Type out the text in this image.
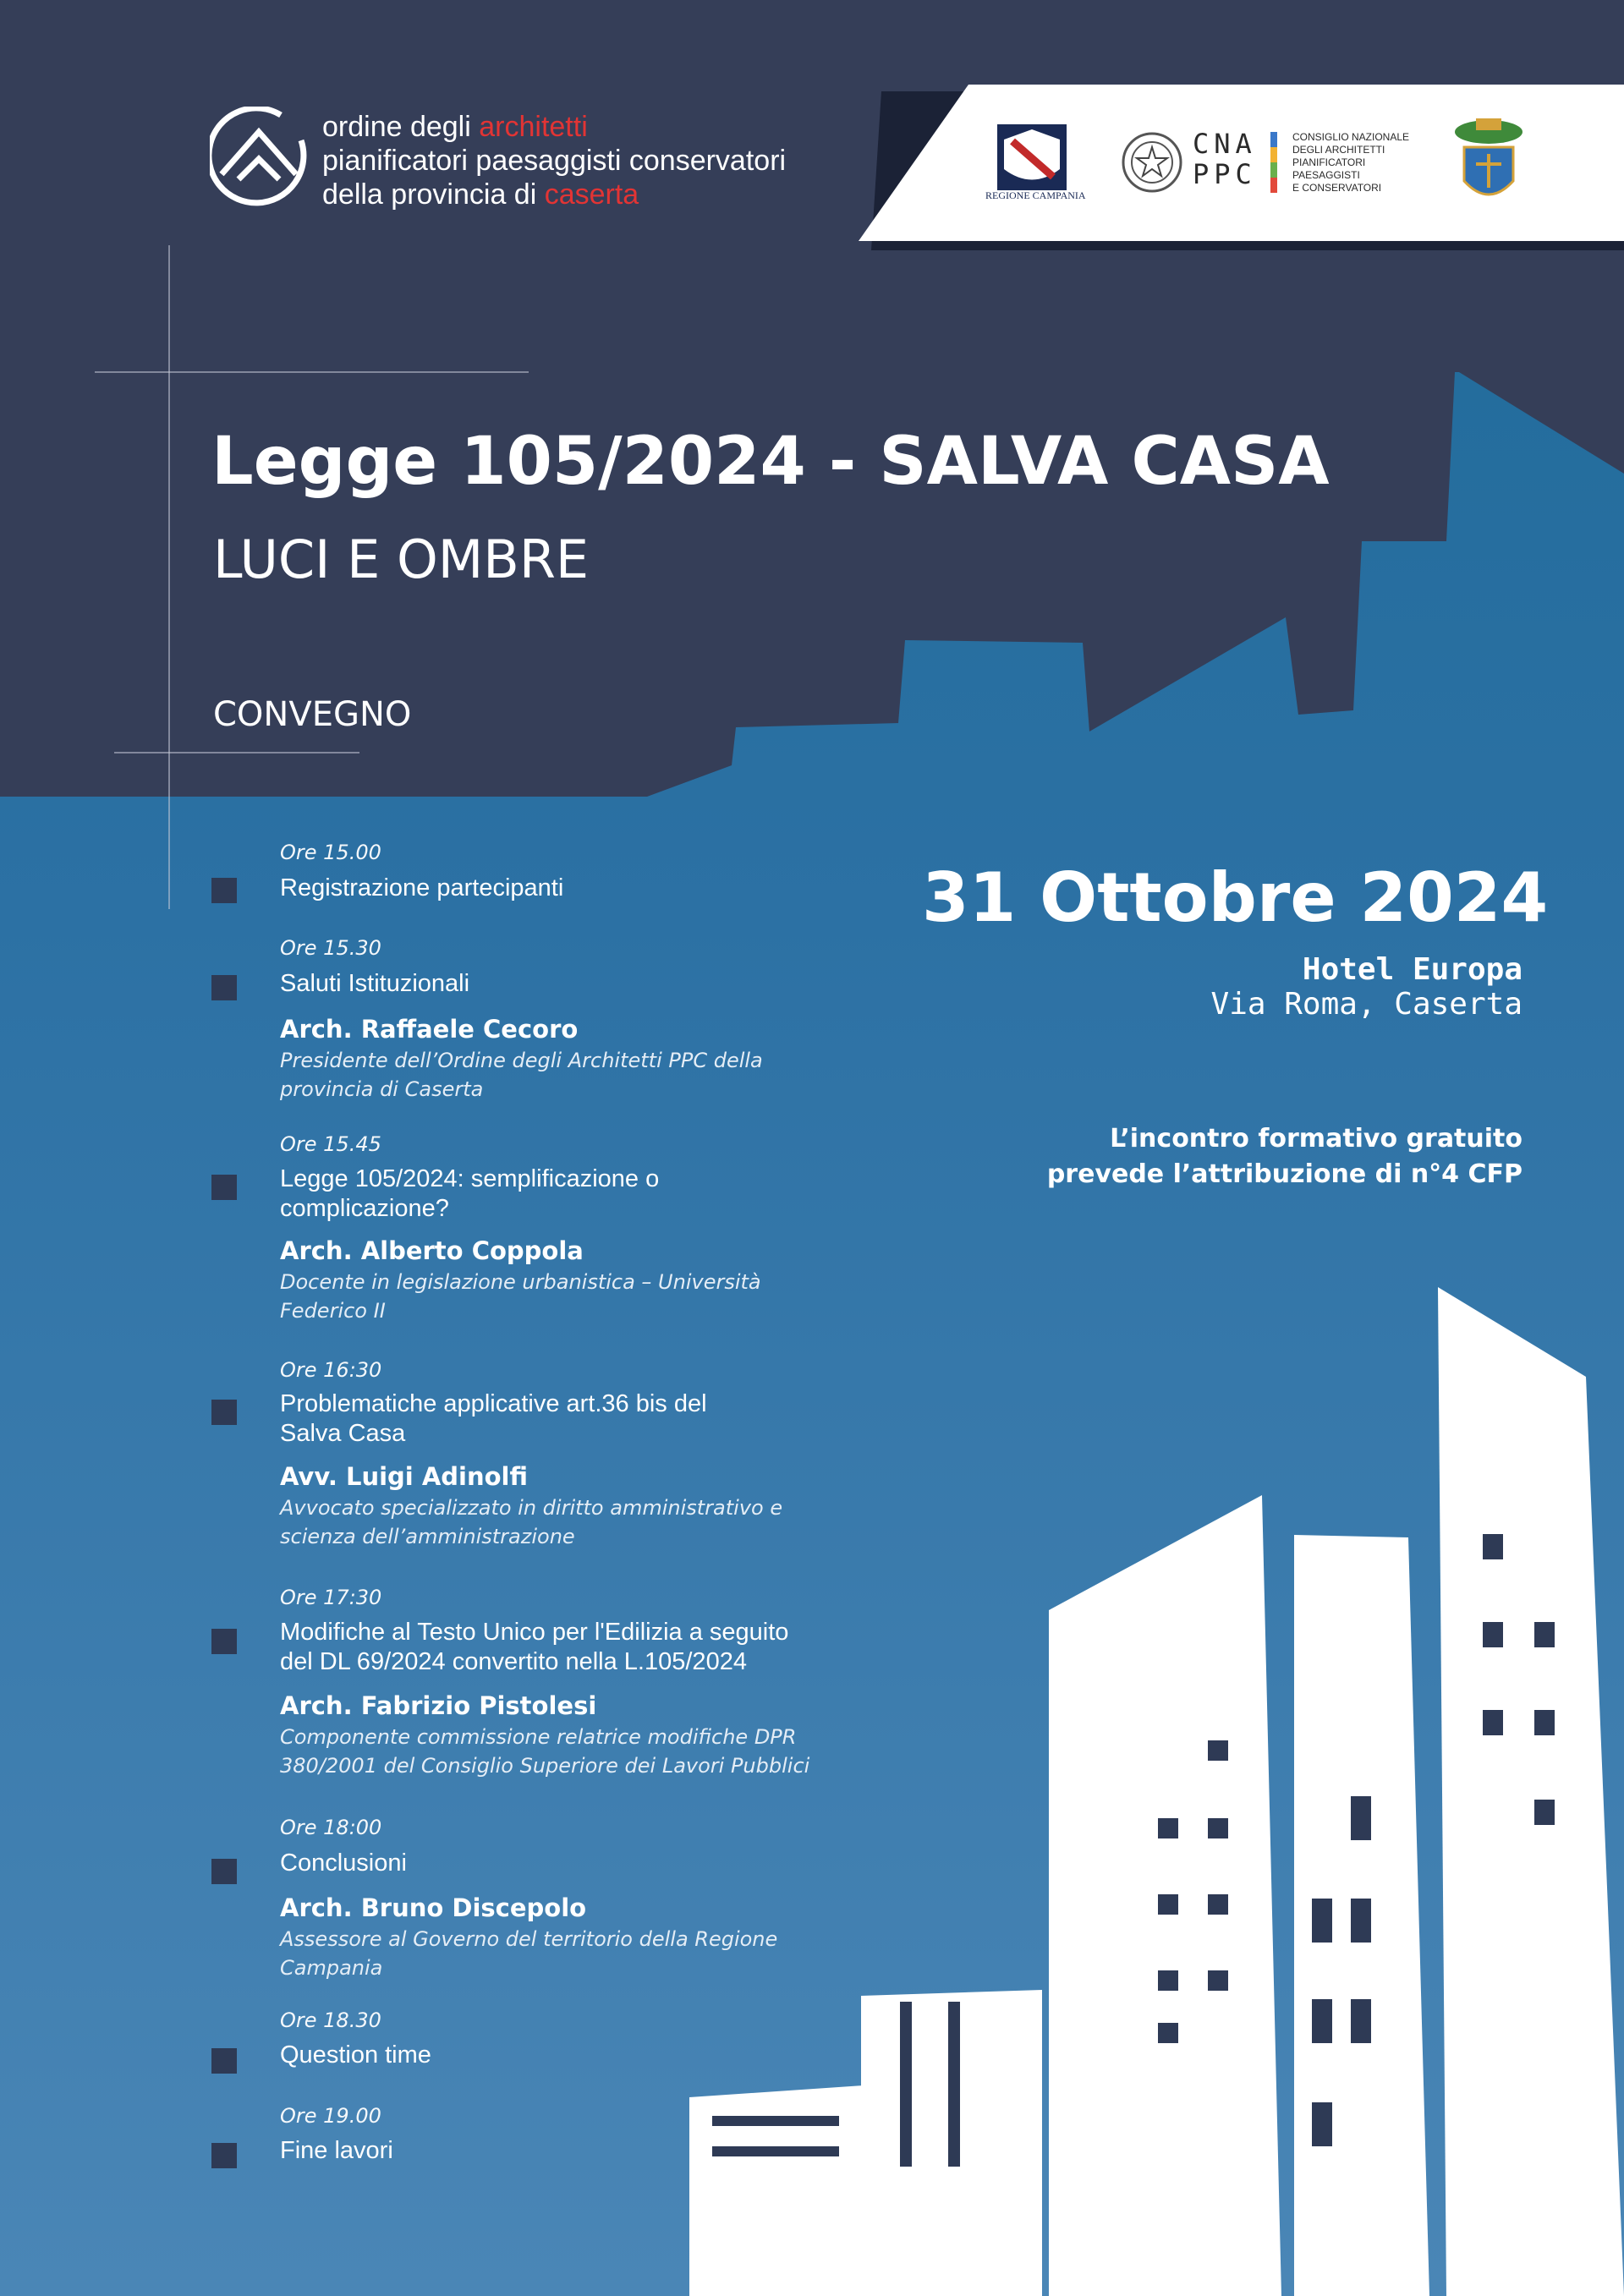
ordine degli architetti
pianificatori paesaggisti conservatori
della provincia di caserta	REGIONE CAMPANIA
CNA
PPC
CONSIGLIO NAZIONALE
DEGLI ARCHITETTI
PIANIFICATORI
PAESAGGISTI
E CONSERVATORI
Legge 105/2024 - SALVA CASA
LUCI E OMBRE
CONVEGNO
Ore 15.00
Registrazione partecipanti
Ore 15.30
Saluti Istituzionali
Arch. Raffaele Cecoro
Presidente dell’Ordine degli Architetti PPC della
provincia di Caserta
Ore 15.45
Legge 105/2024: semplificazione o
complicazione?
Arch. Alberto Coppola
Docente in legislazione urbanistica – Università
Federico II
Ore 16:30
Problematiche applicative art.36 bis del
Salva Casa
Avv. Luigi Adinolfi
Avvocato specializzato in diritto amministrativo e
scienza dell’amministrazione
Ore 17:30
Modifiche al Testo Unico per l'Edilizia a seguito
del DL 69/2024 convertito nella L.105/2024
Arch. Fabrizio Pistolesi
Componente commissione relatrice modifiche DPR
380/2001 del Consiglio Superiore dei Lavori Pubblici
Ore 18:00
Conclusioni
Arch. Bruno Discepolo
Assessore al Governo del territorio della Regione
Campania
Ore 18.30
Question time
Ore 19.00
Fine lavori
31 Ottobre 2024
Hotel Europa
Via Roma, Caserta
L’incontro formativo gratuito
prevede l’attribuzione di n°4 CFP
